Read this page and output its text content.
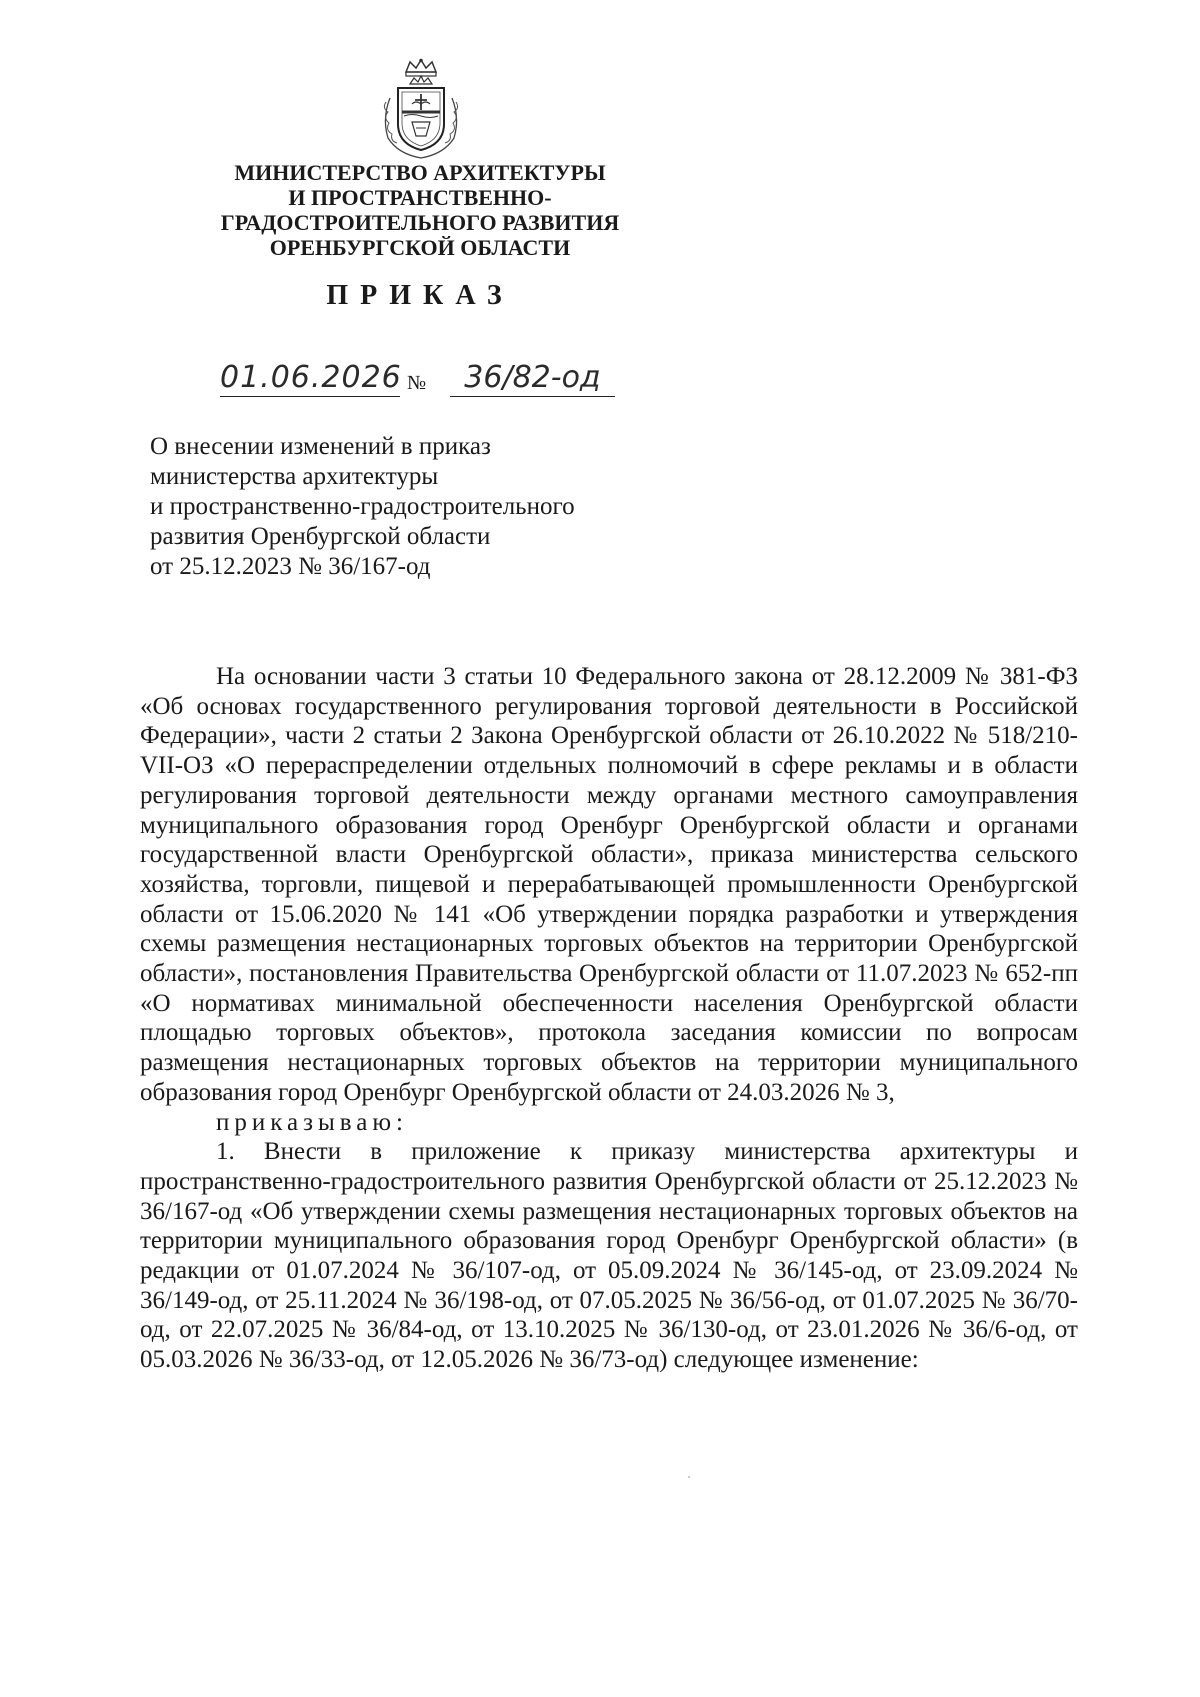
МИНИСТЕРСТВО АРХИТЕКТУРЫ
И ПРОСТРАНСТВЕННО-
ГРАДОСТРОИТЕЛЬНОГО РАЗВИТИЯ
ОРЕНБУРГСКОЙ ОБЛАСТИ
ПРИКАЗ
01.06.2026 №	36/82-од
О внесении изменений в приказ
министерства архитектуры
и пространственно-градостроительного
развития Оренбургской области
от 25.12.2023 № 36/167-од

На основании части 3 статьи 10 Федерального закона от 28.12.2009 № 381-ФЗ «Об основах государственного регулирования торговой деятельности в Российской Федерации», части 2 статьи 2 Закона Оренбургской области от 26.10.2022 № 518/210-VII-ОЗ «О перераспределении отдельных полномочий в сфере рекламы и в области регулирования торговой деятельности между органами местного самоуправления муниципального образования город Оренбург Оренбургской области и органами государственной власти Оренбургской области», приказа министерства сельского хозяйства, торговли, пищевой и перерабатывающей промышленности Оренбургской области от 15.06.2020 № 141 «Об утверждении порядка разработки и утверждения схемы размещения нестационарных торговых объектов на территории Оренбургской области», постановления Правительства Оренбургской области от 11.07.2023 № 652-пп «О нормативах минимальной обеспеченности населения Оренбургской области площадью торговых объектов», протокола заседания комиссии по вопросам размещения нестационарных торговых объектов на территории муниципального образования город Оренбург Оренбургской области от 24.03.2026 № 3,

приказываю:

1. Внести в приложение к приказу министерства архитектуры и пространственно-градостроительного развития Оренбургской области от 25.12.2023 № 36/167-од «Об утверждении схемы размещения нестационарных торговых объектов на территории муниципального образования город Оренбург Оренбургской области» (в редакции от 01.07.2024 № 36/107-од, от 05.09.2024 № 36/145-од, от 23.09.2024 № 36/149-од, от 25.11.2024 № 36/198-од, от 07.05.2025 № 36/56-од, от 01.07.2025 № 36/70-од, от 22.07.2025 № 36/84-од, от 13.10.2025 № 36/130-од, от 23.01.2026 № 36/6-од, от 05.03.2026 № 36/33-од, от 12.05.2026 № 36/73-од) следующее изменение:
